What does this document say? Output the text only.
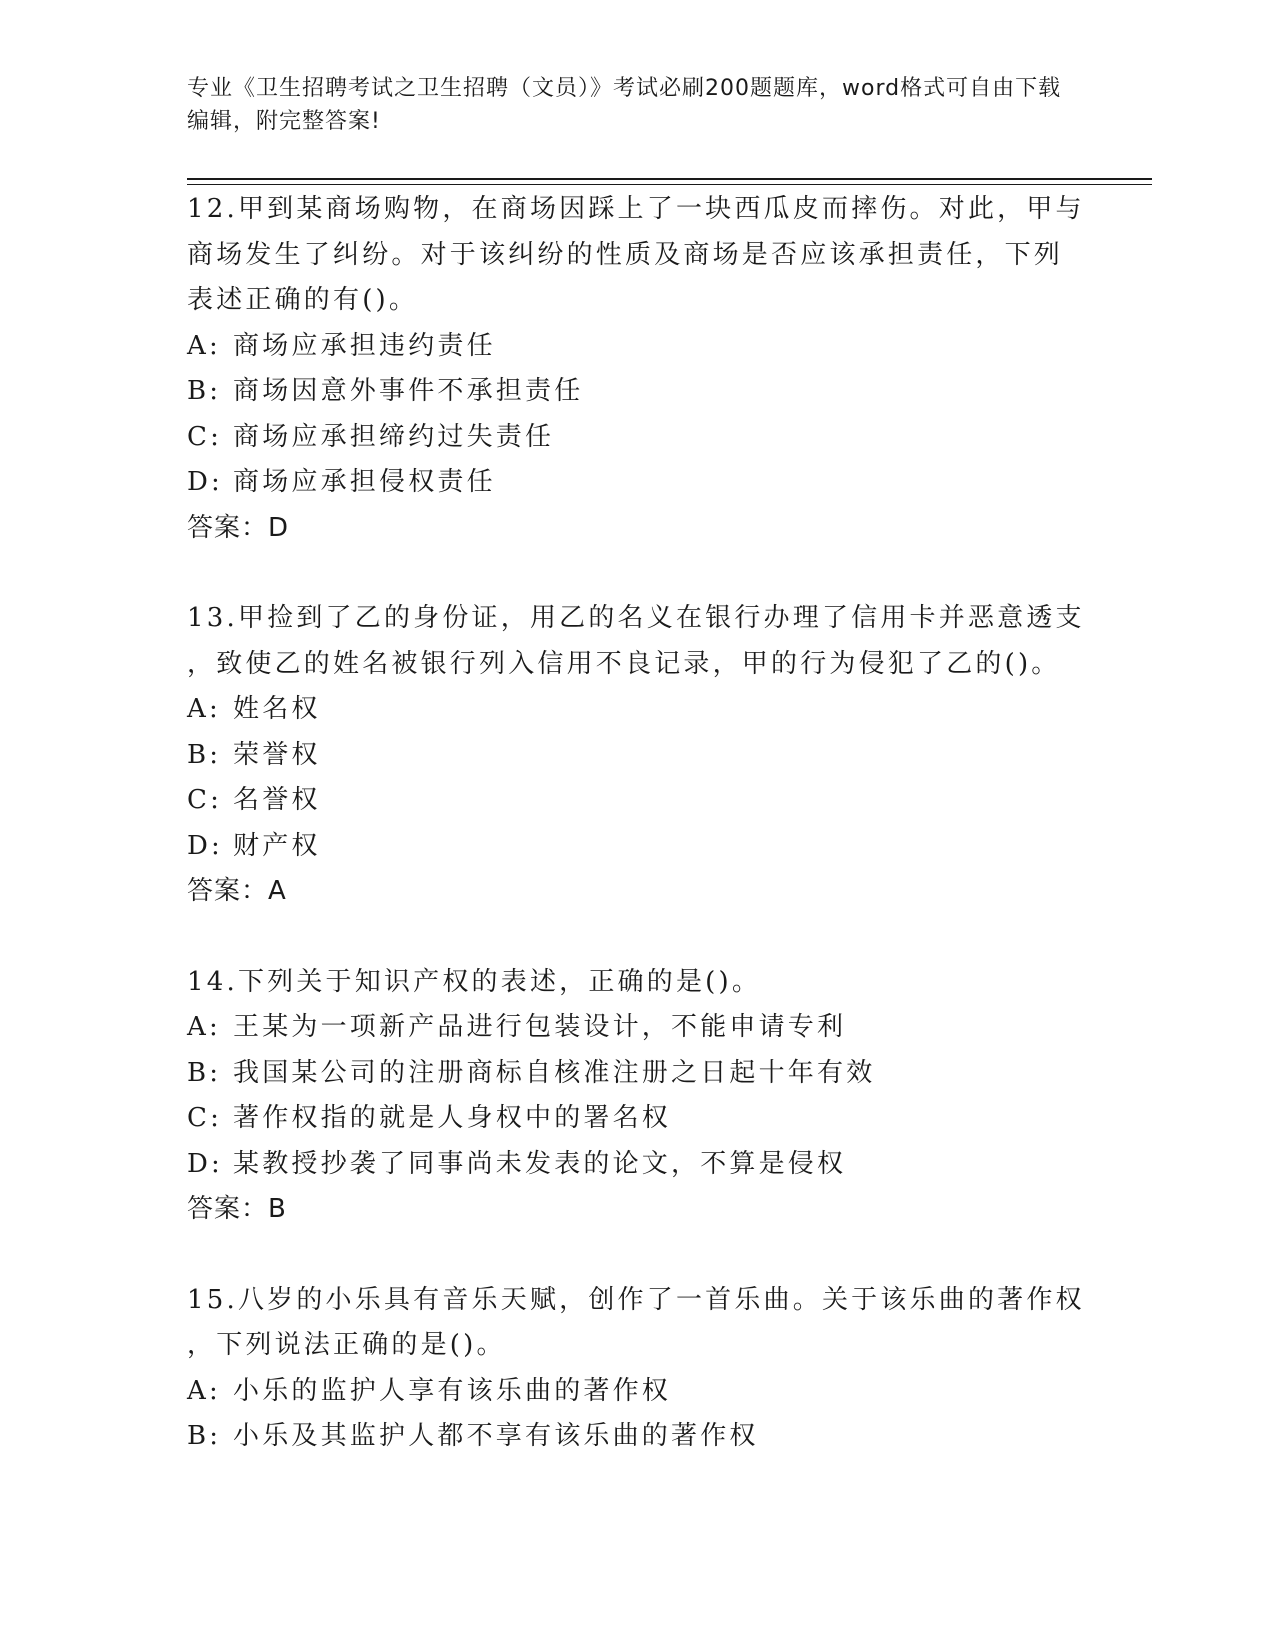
专业《卫生招聘考试之卫生招聘（文员）》考试必刷200题题库，word格式可自由下载编辑，附完整答案!
12.甲到某商场购物，在商场因踩上了一块西瓜皮而摔伤。对此，甲与
商场发生了纠纷。对于该纠纷的性质及商场是否应该承担责任，下列
表述正确的有()。
A: 商场应承担违约责任
B: 商场因意外事件不承担责任
C: 商场应承担缔约过失责任
D: 商场应承担侵权责任
答案：D
13.甲捡到了乙的身份证，用乙的名义在银行办理了信用卡并恶意透支
，致使乙的姓名被银行列入信用不良记录，甲的行为侵犯了乙的()。
A: 姓名权
B: 荣誉权
C: 名誉权
D: 财产权
答案：A
14.下列关于知识产权的表述，正确的是()。
A: 王某为一项新产品进行包装设计，不能申请专利
B: 我国某公司的注册商标自核准注册之日起十年有效
C: 著作权指的就是人身权中的署名权
D: 某教授抄袭了同事尚未发表的论文，不算是侵权
答案：B
15.八岁的小乐具有音乐天赋，创作了一首乐曲。关于该乐曲的著作权
，下列说法正确的是()。
A: 小乐的监护人享有该乐曲的著作权
B: 小乐及其监护人都不享有该乐曲的著作权
